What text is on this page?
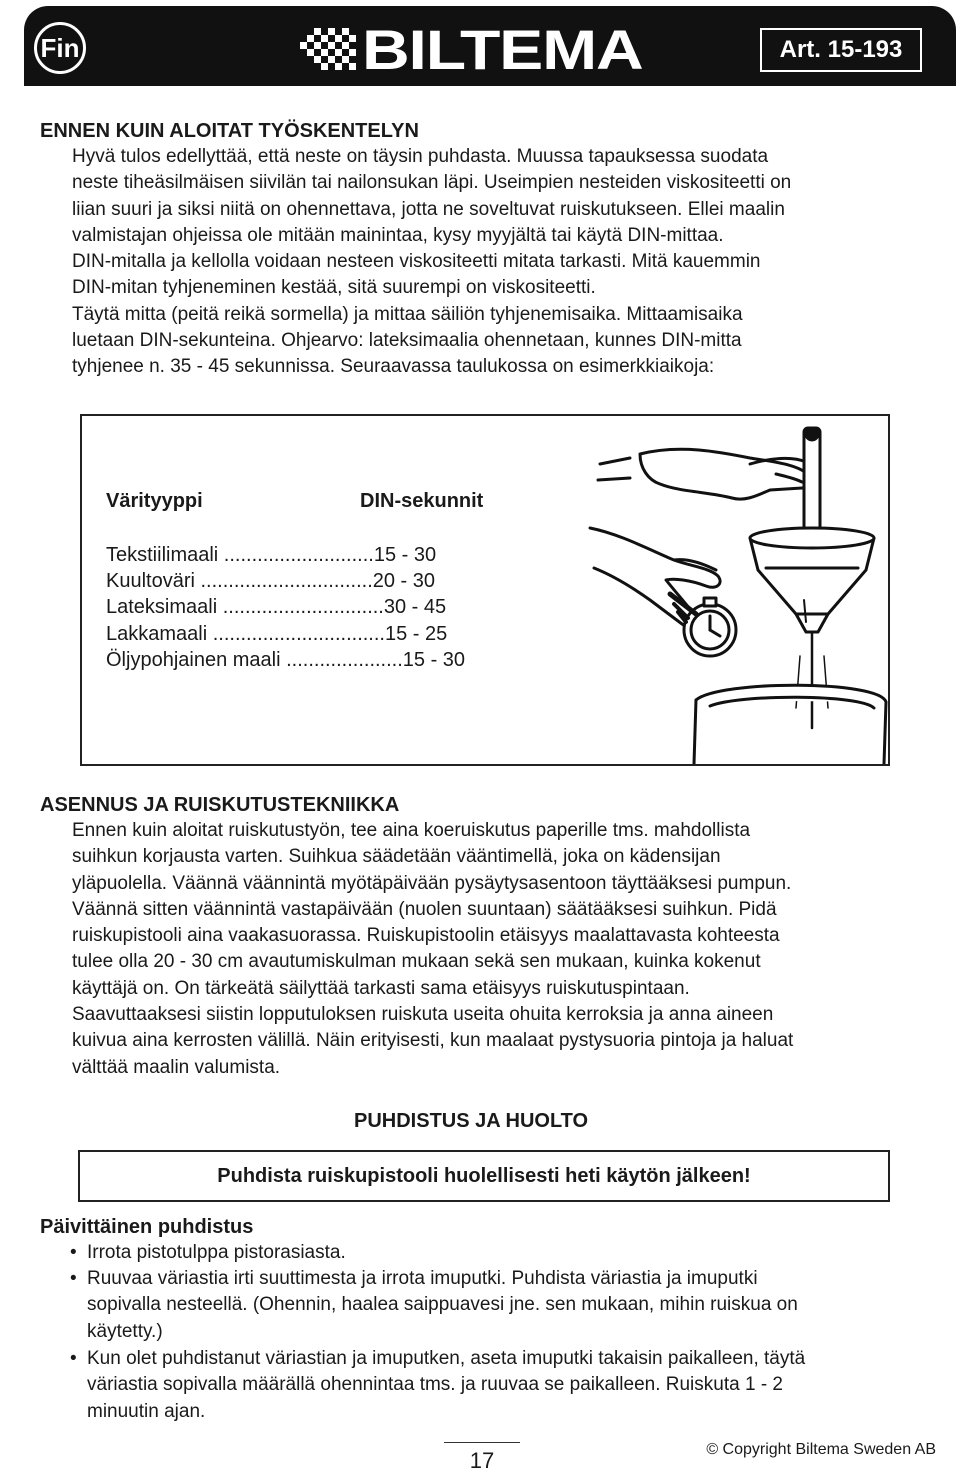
Fin	BILTEMA	Art. 15-193
ENNEN KUIN ALOITAT TYÖSKENTELYN

Hyvä tulos edellyttää, että neste on täysin puhdasta. Muussa tapauksessa suodata
neste tiheäsilmäisen siivilän tai nailonsukan läpi. Useimpien nesteiden viskositeetti on
liian suuri ja siksi niitä on ohennettava, jotta ne soveltuvat ruiskutukseen. Ellei maalin
valmistajan ohjeissa ole mitään mainintaa, kysy myyjältä tai käytä DIN-mittaa.
DIN-mitalla ja kellolla voidaan nesteen viskositeetti mitata tarkasti. Mitä kauemmin
DIN-mitan tyhjeneminen kestää, sitä suurempi on viskositeetti.
Täytä mitta (peitä reikä sormella) ja mittaa säiliön tyhjenemisaika. Mittaamisaika
luetaan DIN-sekunteina. Ohjearvo: lateksimaalia ohennetaan, kunnes DIN-mitta
tyhjenee n. 35 - 45 sekunnissa. Seuraavassa taulukossa on esimerkkiaikoja:

Värityyppi	DIN-sekunnit
Tekstiilimaali ...........................15 - 30
Kuultoväri ...............................20 - 30
Lateksimaali .............................30 - 45
Lakkamaali ...............................15 - 25
Öljypohjainen maali .....................15 - 30
ASENNUS JA RUISKUTUSTEKNIIKKA

Ennen kuin aloitat ruiskutustyön, tee aina koeruiskutus paperille tms. mahdollista
suihkun korjausta varten. Suihkua säädetään vääntimellä, joka on kädensijan
yläpuolella. Väännä väännintä myötäpäivään pysäytysasentoon täyttääksesi pumpun.
Väännä sitten väännintä vastapäivään (nuolen suuntaan) säätääksesi suihkun. Pidä
ruiskupistooli aina vaakasuorassa. Ruiskupistoolin etäisyys maalattavasta kohteesta
tulee olla 20 - 30 cm avautumiskulman mukaan sekä sen mukaan, kuinka kokenut
käyttäjä on. On tärkeätä säilyttää tarkasti sama etäisyys ruiskutuspintaan.
Saavuttaaksesi siistin lopputuloksen ruiskuta useita ohuita kerroksia ja anna aineen
kuivua aina kerrosten välillä. Näin erityisesti, kun maalaat pystysuoria pintoja ja haluat
välttää maalin valumista.

PUHDISTUS JA HUOLTO
Puhdista ruiskupistooli huolellisesti heti käytön jälkeen!
Päivittäinen puhdistus
• Irrota pistotulppa pistorasiasta.
• Ruuvaa väriastia irti suuttimesta ja irrota imuputki. Puhdista väriastia ja imuputki
sopivalla nesteellä. (Ohennin, haalea saippuavesi jne. sen mukaan, mihin ruiskua on
käytetty.)
• Kun olet puhdistanut väriastian ja imuputken, aseta imuputki takaisin paikalleen, täytä
väriastia sopivalla määrällä ohennintaa tms. ja ruuvaa se paikalleen. Ruiskuta 1 - 2
minuutin ajan.
17	© Copyright Biltema Sweden AB
